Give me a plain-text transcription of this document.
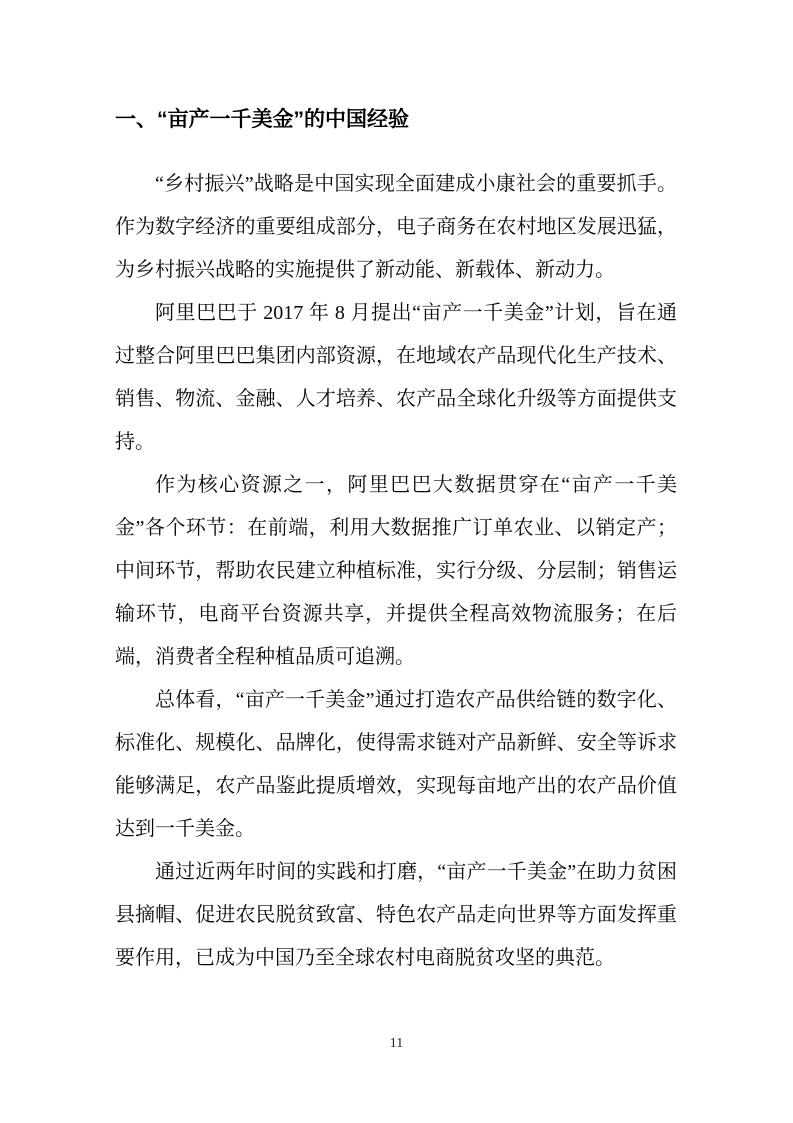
一、“亩产一千美金”的中国经验

“乡村振兴”战略是中国实现全面建成小康社会的重要抓手。作为数字经济的重要组成部分，电子商务在农村地区发展迅猛，为乡村振兴战略的实施提供了新动能、新载体、新动力。

阿里巴巴于 2017 年 8 月提出“亩产一千美金”计划，旨在通过整合阿里巴巴集团内部资源，在地域农产品现代化生产技术、销售、物流、金融、人才培养、农产品全球化升级等方面提供支持。

作为核心资源之一，阿里巴巴大数据贯穿在“亩产一千美金”各个环节：在前端，利用大数据推广订单农业、以销定产；中间环节，帮助农民建立种植标准，实行分级、分层制；销售运输环节，电商平台资源共享，并提供全程高效物流服务；在后端，消费者全程种植品质可追溯。

总体看，“亩产一千美金”通过打造农产品供给链的数字化、标准化、规模化、品牌化，使得需求链对产品新鲜、安全等诉求能够满足，农产品鉴此提质增效，实现每亩地产出的农产品价值达到一千美金。

通过近两年时间的实践和打磨，“亩产一千美金”在助力贫困县摘帽、促进农民脱贫致富、特色农产品走向世界等方面发挥重要作用，已成为中国乃至全球农村电商脱贫攻坚的典范。

11
